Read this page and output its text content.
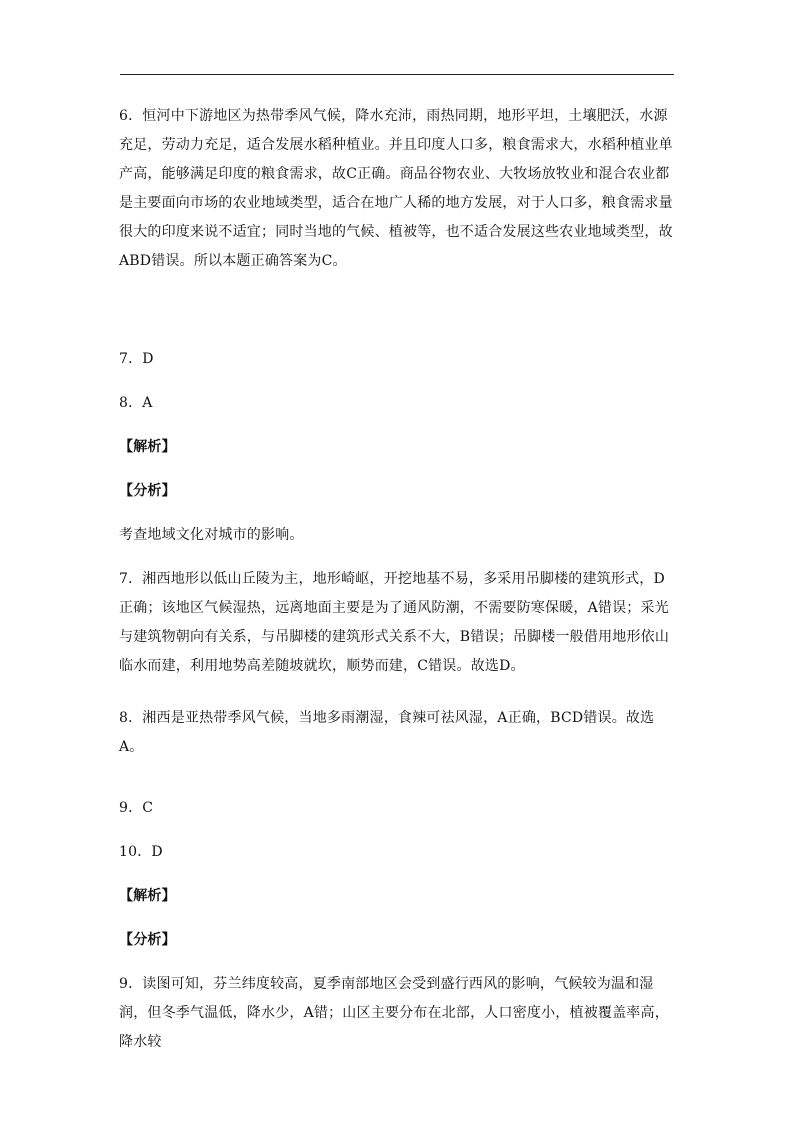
6．恒河中下游地区为热带季风气候，降水充沛，雨热同期，地形平坦，土壤肥沃，水源充足，劳动力充足，适合发展水稻种植业。并且印度人口多，粮食需求大，水稻种植业单产高，能够满足印度的粮食需求，故C正确。商品谷物农业、大牧场放牧业和混合农业都是主要面向市场的农业地域类型，适合在地广人稀的地方发展，对于人口多，粮食需求量很大的印度来说不适宜；同时当地的气候、植被等，也不适合发展这些农业地域类型，故ABD错误。所以本题正确答案为C。
7．D
8．A
【解析】
【分析】
考查地域文化对城市的影响。
7．湘西地形以低山丘陵为主，地形崎岖，开挖地基不易，多采用吊脚楼的建筑形式，D正确；该地区气候湿热，远离地面主要是为了通风防潮，不需要防寒保暖，A错误；采光与建筑物朝向有关系，与吊脚楼的建筑形式关系不大，B错误；吊脚楼一般借用地形依山临水而建，利用地势高差随坡就坎，顺势而建，C错误。故选D。
8．湘西是亚热带季风气候，当地多雨潮湿，食辣可祛风湿，A正确，BCD错误。故选A。
9．C
10．D
【解析】
【分析】
9．读图可知，芬兰纬度较高，夏季南部地区会受到盛行西风的影响，气候较为温和湿润，但冬季气温低，降水少，A错；山区主要分布在北部，人口密度小，植被覆盖率高，降水较
